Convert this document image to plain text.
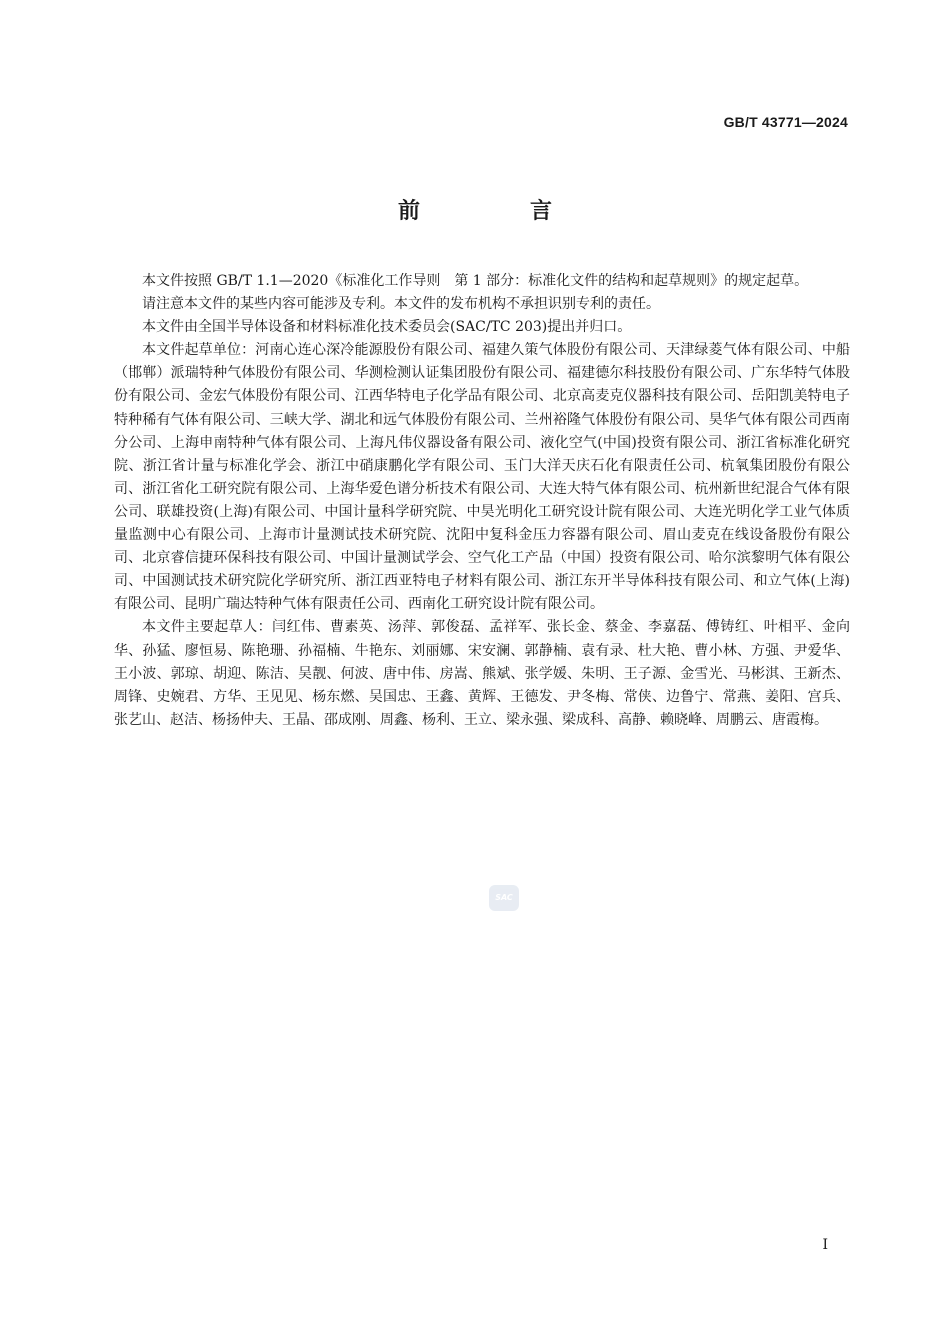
GB/T 43771—2024
前　言

本文件按照 GB/T 1.1—2020《标准化工作导则　第 1 部分：标准化文件的结构和起草规则》的规定起草。

请注意本文件的某些内容可能涉及专利。本文件的发布机构不承担识别专利的责任。

本文件由全国半导体设备和材料标准化技术委员会(SAC/TC 203)提出并归口。

本文件起草单位：河南心连心深冷能源股份有限公司、福建久策气体股份有限公司、天津绿菱气体有限公司、中船（邯郸）派瑞特种气体股份有限公司、华测检测认证集团股份有限公司、福建德尔科技股份有限公司、广东华特气体股份有限公司、金宏气体股份有限公司、江西华特电子化学品有限公司、北京高麦克仪器科技有限公司、岳阳凯美特电子特种稀有气体有限公司、三峡大学、湖北和远气体股份有限公司、兰州裕隆气体股份有限公司、昊华气体有限公司西南分公司、上海申南特种气体有限公司、上海凡伟仪器设备有限公司、液化空气(中国)投资有限公司、浙江省标准化研究院、浙江省计量与标准化学会、浙江中硝康鹏化学有限公司、玉门大洋天庆石化有限责任公司、杭氧集团股份有限公司、浙江省化工研究院有限公司、上海华爱色谱分析技术有限公司、大连大特气体有限公司、杭州新世纪混合气体有限公司、联雄投资(上海)有限公司、中国计量科学研究院、中昊光明化工研究设计院有限公司、大连光明化学工业气体质量监测中心有限公司、上海市计量测试技术研究院、沈阳中复科金压力容器有限公司、眉山麦克在线设备股份有限公司、北京睿信捷环保科技有限公司、中国计量测试学会、空气化工产品（中国）投资有限公司、哈尔滨黎明气体有限公司、中国测试技术研究院化学研究所、浙江西亚特电子材料有限公司、浙江东开半导体科技有限公司、和立气体(上海)有限公司、昆明广瑞达特种气体有限责任公司、西南化工研究设计院有限公司。

本文件主要起草人：闫红伟、曹素英、汤萍、郭俊磊、孟祥军、张长金、蔡金、李嘉磊、傅铸红、叶相平、金向华、孙猛、廖恒易、陈艳珊、孙福楠、牛艳东、刘丽娜、宋安澜、郭静楠、袁有录、杜大艳、曹小林、方强、尹爱华、王小波、郭琼、胡迎、陈洁、吴靓、何波、唐中伟、房嵩、熊斌、张学媛、朱明、王子源、金雪光、马彬淇、王新杰、周锋、史婉君、方华、王见见、杨东燃、吴国忠、王鑫、黄辉、王德发、尹冬梅、常侠、边鲁宁、常燕、姜阳、宫兵、张艺山、赵洁、杨扬仲夫、王晶、邵成刚、周鑫、杨利、王立、梁永强、梁成科、高静、赖晓峰、周鹏云、唐霞梅。

SAC
I
